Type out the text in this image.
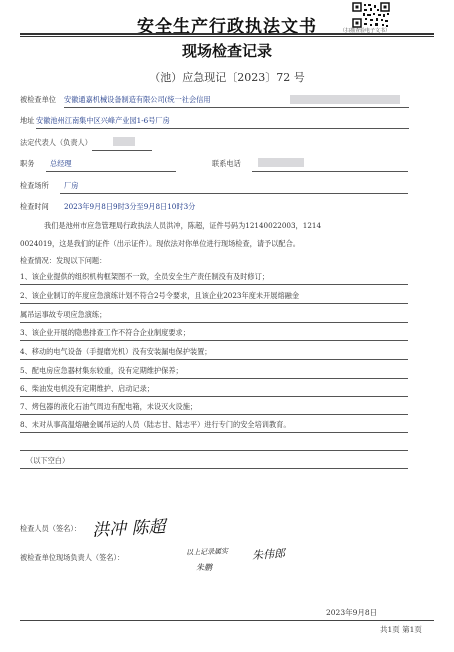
（扫描查验电子文书）
安全生产行政执法文书
现场检查记录
（池）应急现记〔2023〕72 号
被检查单位 安徽通嘉机械设备制造有限公司(统一社会信用
地址 安徽池州江南集中区兴峰产业园1-6号厂房
法定代表人（负责人）
职务 总经理	联系电话
检查场所 厂房
检查时间 2023年9月8日9时3分至9月8日10时3分
我们是池州市应急管理局行政执法人员洪冲，陈超，证件号码为12140022003，1214
0024019，这是我们的证件（出示证件）。现依法对你单位进行现场检查，请予以配合。
检查情况：发现以下问题：
1、该企业提供的组织机构框架图不一致，全员安全生产责任制没有及时修订；
2、该企业制订的年度应急演练计划不符合2号令要求，且该企业2023年度未开展熔融金
属吊运事故专项应急演练；
3、该企业开展的隐患排查工作不符合企业制度要求；
4、移动的电气设备（手提磨光机）没有安装漏电保护装置；
5、配电房应急器材集东较重，没有定期维护保养；
6、柴油发电机没有定期维护、启动记录；
7、烤包器的液化石油气周边有配电箱，未设灭火设施；
8、未对从事高温熔融金属吊运的人员（陆志甘、陆志平）进行专门的安全培训教育。
（以下空白）
检查人员（签名）： 洪冲 陈超
被检查单位现场负责人（签名）：
以上记录属实
朱鹏
朱伟郎
2023年9月8日
共1页 第1页
